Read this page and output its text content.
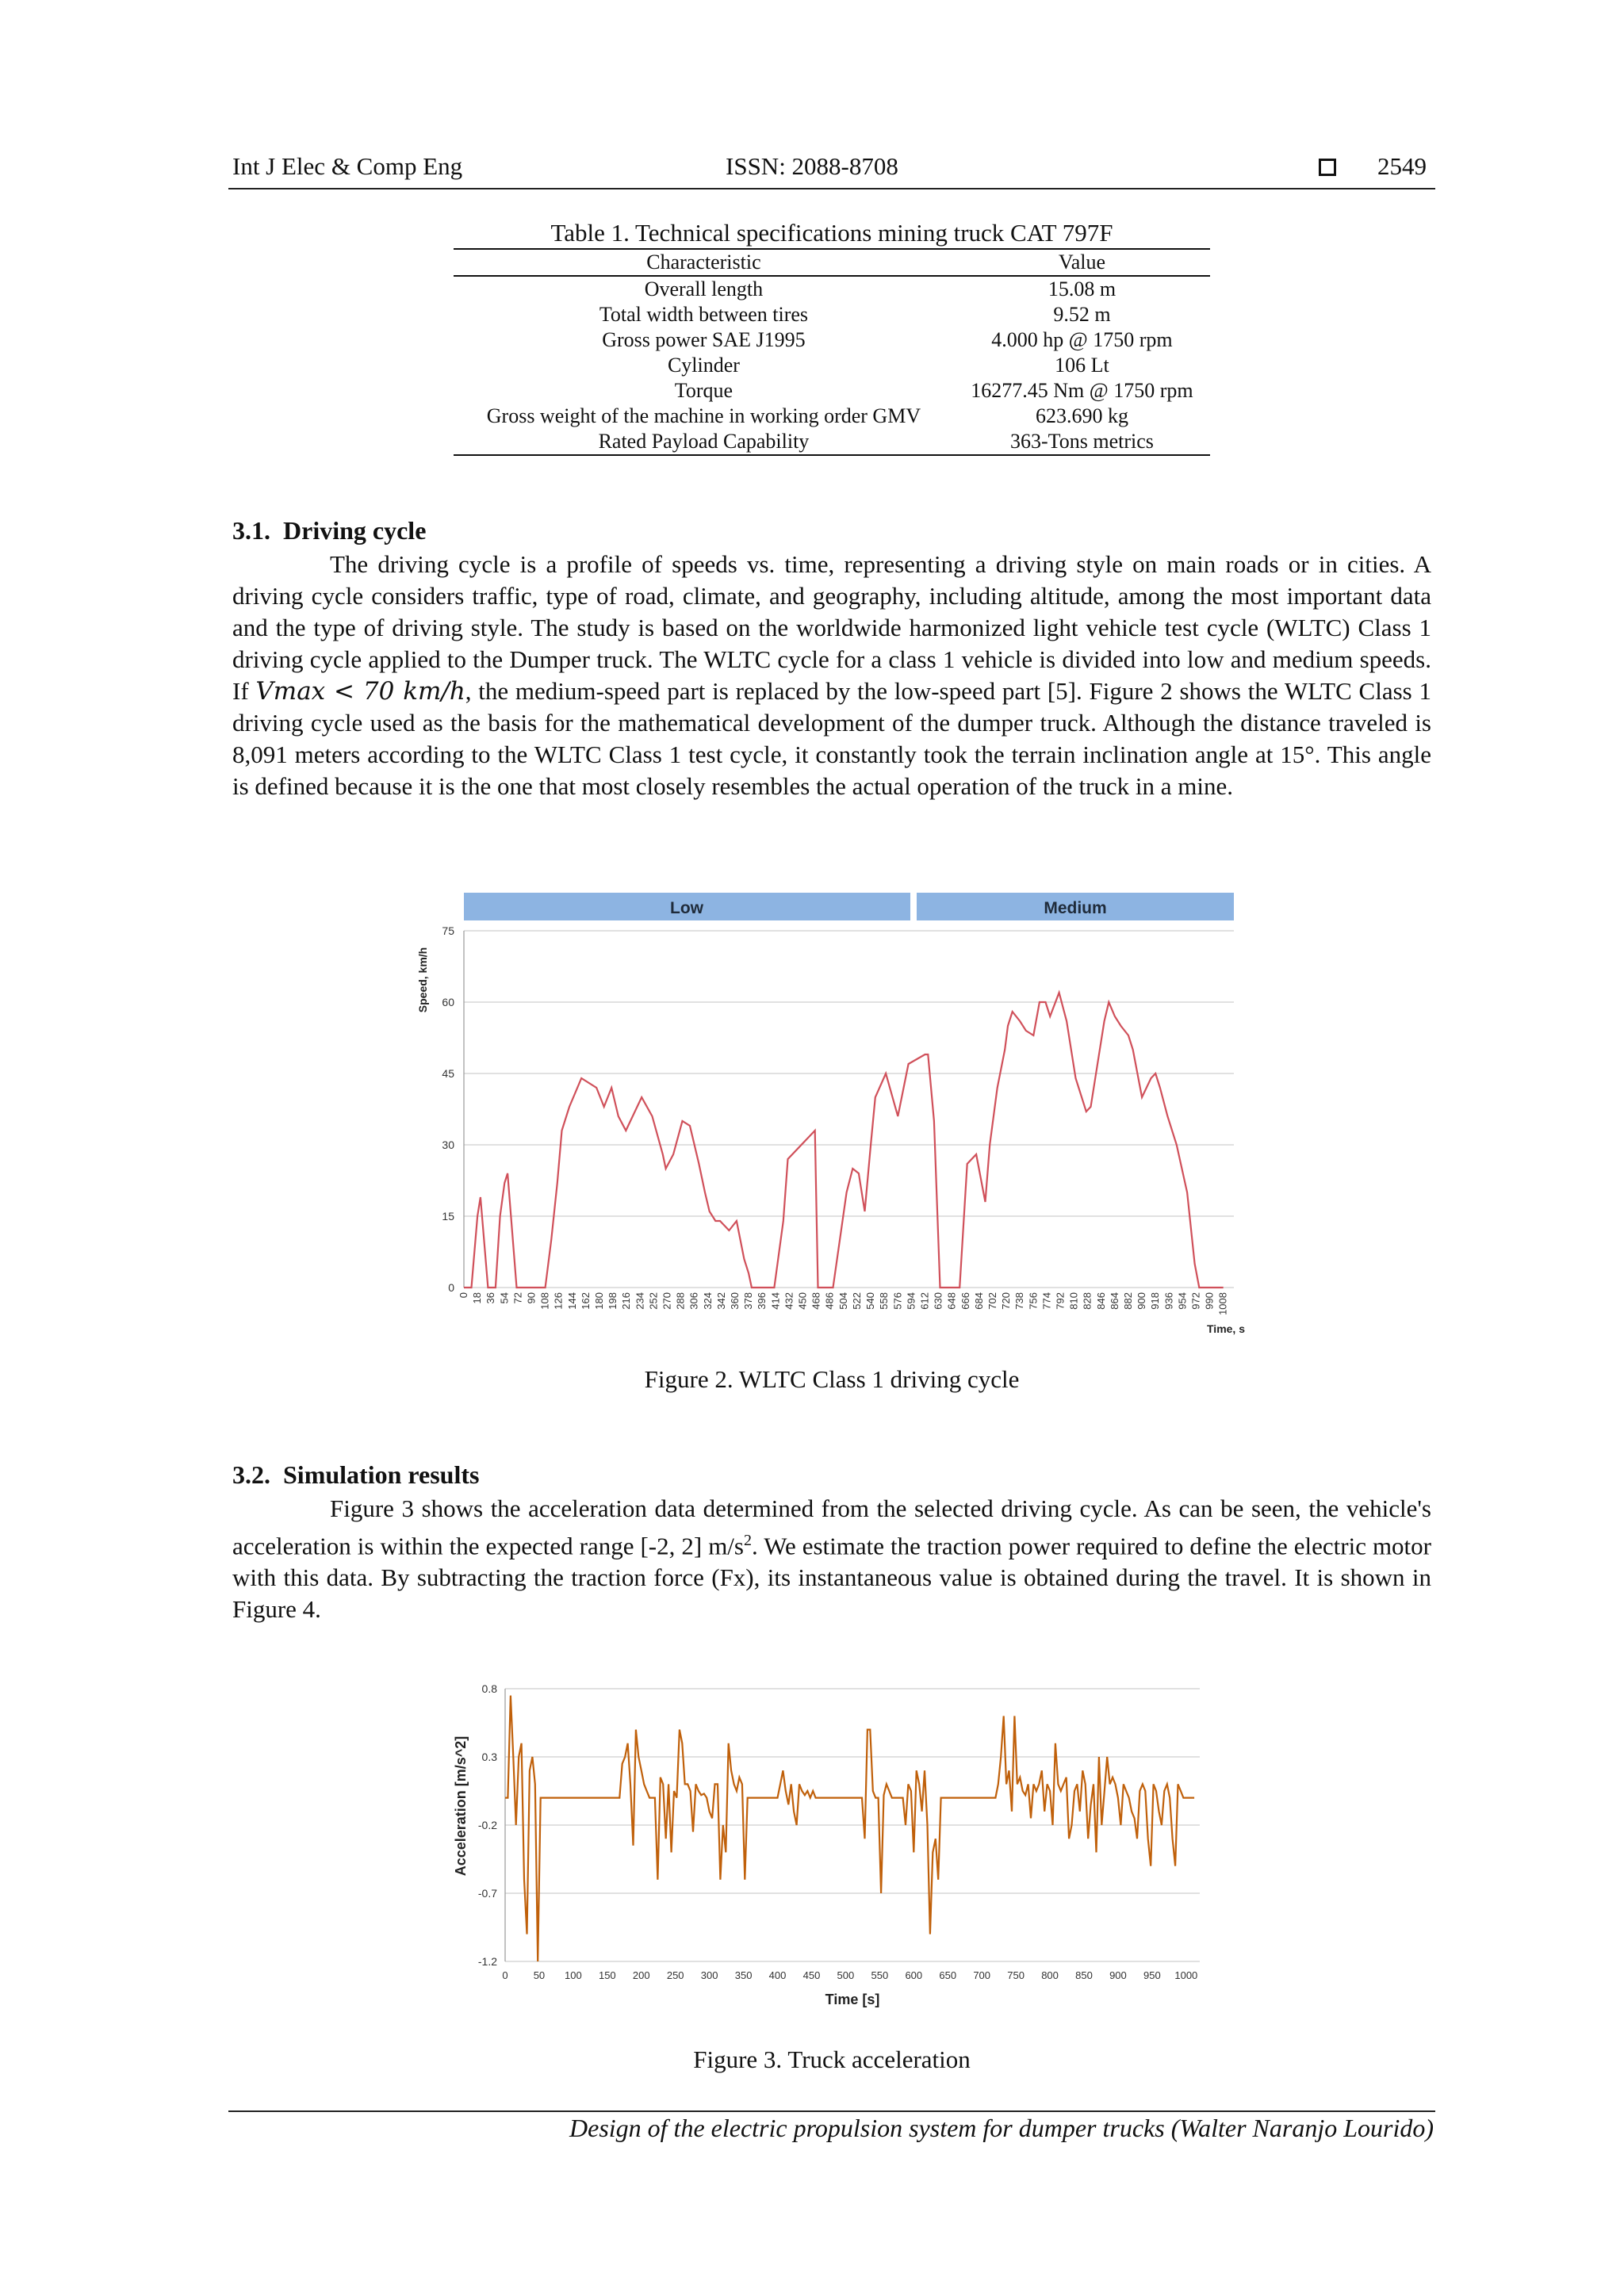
Int J Elec & Comp Eng	ISSN: 2088-8708	2549
Table 1. Technical specifications mining truck CAT 797F
Characteristic	Value
Overall length	15.08 m
Total width between tires	9.52 m
Gross power SAE J1995	4.000 hp @ 1750 rpm
Cylinder	106 Lt
Torque	16277.45 Nm @ 1750 rpm
Gross weight of the machine in working order GMV	623.690 kg
Rated Payload Capability	363-Tons metrics
3.1. Driving cycle

The driving cycle is a profile of speeds vs. time, representing a driving style on main roads or in cities. A driving cycle considers traffic, type of road, climate, and geography, including altitude, among the most important data and the type of driving style. The study is based on the worldwide harmonized light vehicle test cycle (WLTC) Class 1 driving cycle applied to the Dumper truck. The WLTC cycle for a class 1 vehicle is divided into low and medium speeds. If Vmax < 70 km/h, the medium-speed part is replaced by the low-speed part [5]. Figure 2 shows the WLTC Class 1 driving cycle used as the basis for the mathematical development of the dumper truck. Although the distance traveled is 8,091 meters according to the WLTC Class 1 test cycle, it constantly took the terrain inclination angle at 15°. This angle is defined because it is the one that most closely resembles the actual operation of the truck in a mine.

Low	Medium
0
15
30
45
60
75
0 18 36 54 72 90 108 126 144 162 180 198 216 234 252 270 288 306 324 342 360 378 396 414 432 450 468 486 504 522 540 558 576 594 612 630 648 666 684 702 720 738 756 774 792 810 828 846 864 882 900 918 936 954 972 990 1008
Speed, km/h
Time, s
Figure 2. WLTC Class 1 driving cycle
3.2. Simulation results

Figure 3 shows the acceleration data determined from the selected driving cycle. As can be seen, the vehicle's acceleration is within the expected range [-2, 2] $m/s^2$. We estimate the traction power required to define the electric motor with this data. By subtracting the traction force (Fx), its instantaneous value is obtained during the travel. It is shown in Figure 4.

-1.2
-0.7
-0.2
0.3
0.8
0 50 100 150 200 250 300 350 400 450 500 550 600 650 700 750 800 850 900 950 1000
Acceleration [m/s^2]
Time [s]
Figure 3. Truck acceleration
Design of the electric propulsion system for dumper trucks (Walter Naranjo Lourido)
